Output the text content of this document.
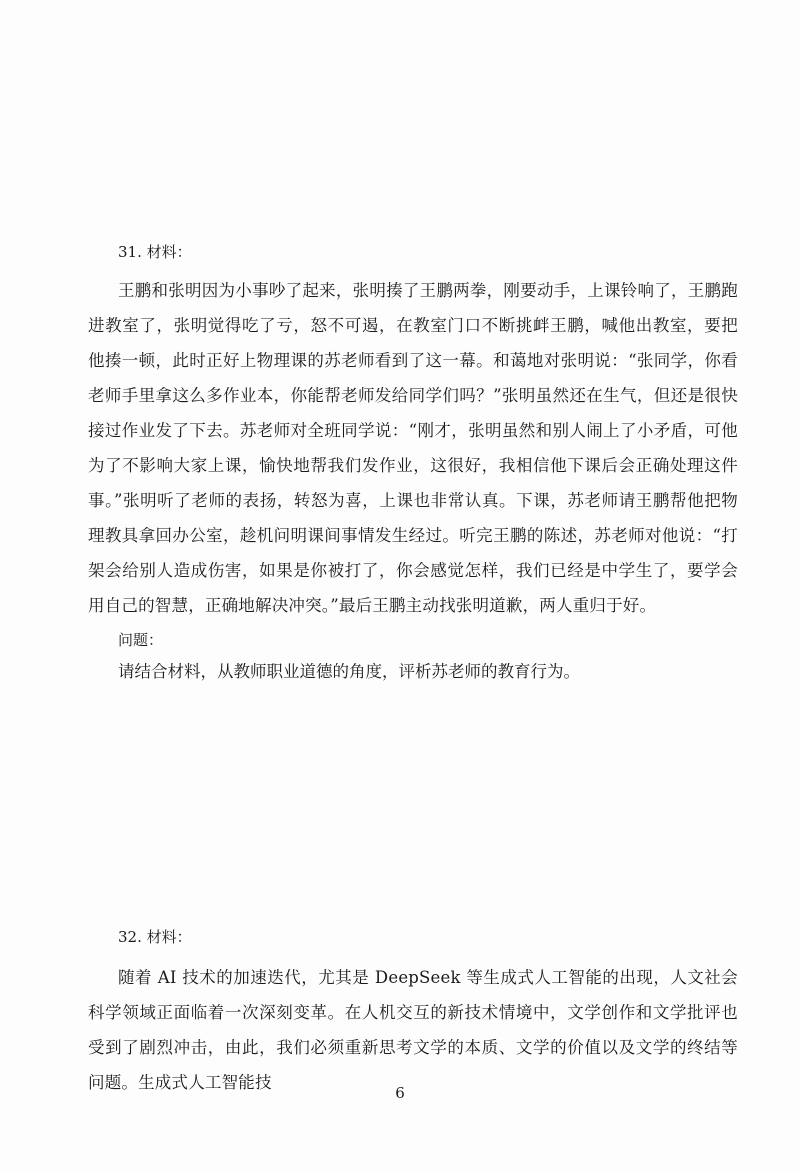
31. 材料：

王鹏和张明因为小事吵了起来，张明揍了王鹏两拳，刚要动手，上课铃响了，王鹏跑进教室了，张明觉得吃了亏，怒不可遏，在教室门口不断挑衅王鹏，喊他出教室，要把他揍一顿，此时正好上物理课的苏老师看到了这一幕。和蔼地对张明说：“张同学，你看老师手里拿这么多作业本，你能帮老师发给同学们吗？”张明虽然还在生气，但还是很快接过作业发了下去。苏老师对全班同学说：“刚才，张明虽然和别人闹上了小矛盾，可他为了不影响大家上课，愉快地帮我们发作业，这很好，我相信他下课后会正确处理这件事。”张明听了老师的表扬，转怒为喜，上课也非常认真。下课，苏老师请王鹏帮他把物理教具拿回办公室，趁机问明课间事情发生经过。听完王鹏的陈述，苏老师对他说：“打架会给别人造成伤害，如果是你被打了，你会感觉怎样，我们已经是中学生了，要学会用自己的智慧，正确地解决冲突。”最后王鹏主动找张明道歉，两人重归于好。

问题：

请结合材料，从教师职业道德的角度，评析苏老师的教育行为。

32. 材料：

随着 AI 技术的加速迭代，尤其是 DeepSeek 等生成式人工智能的出现，人文社会科学领域正面临着一次深刻变革。在人机交互的新技术情境中，文学创作和文学批评也受到了剧烈冲击，由此，我们必须重新思考文学的本质、文学的价值以及文学的终结等问题。生成式人工智能技

6
